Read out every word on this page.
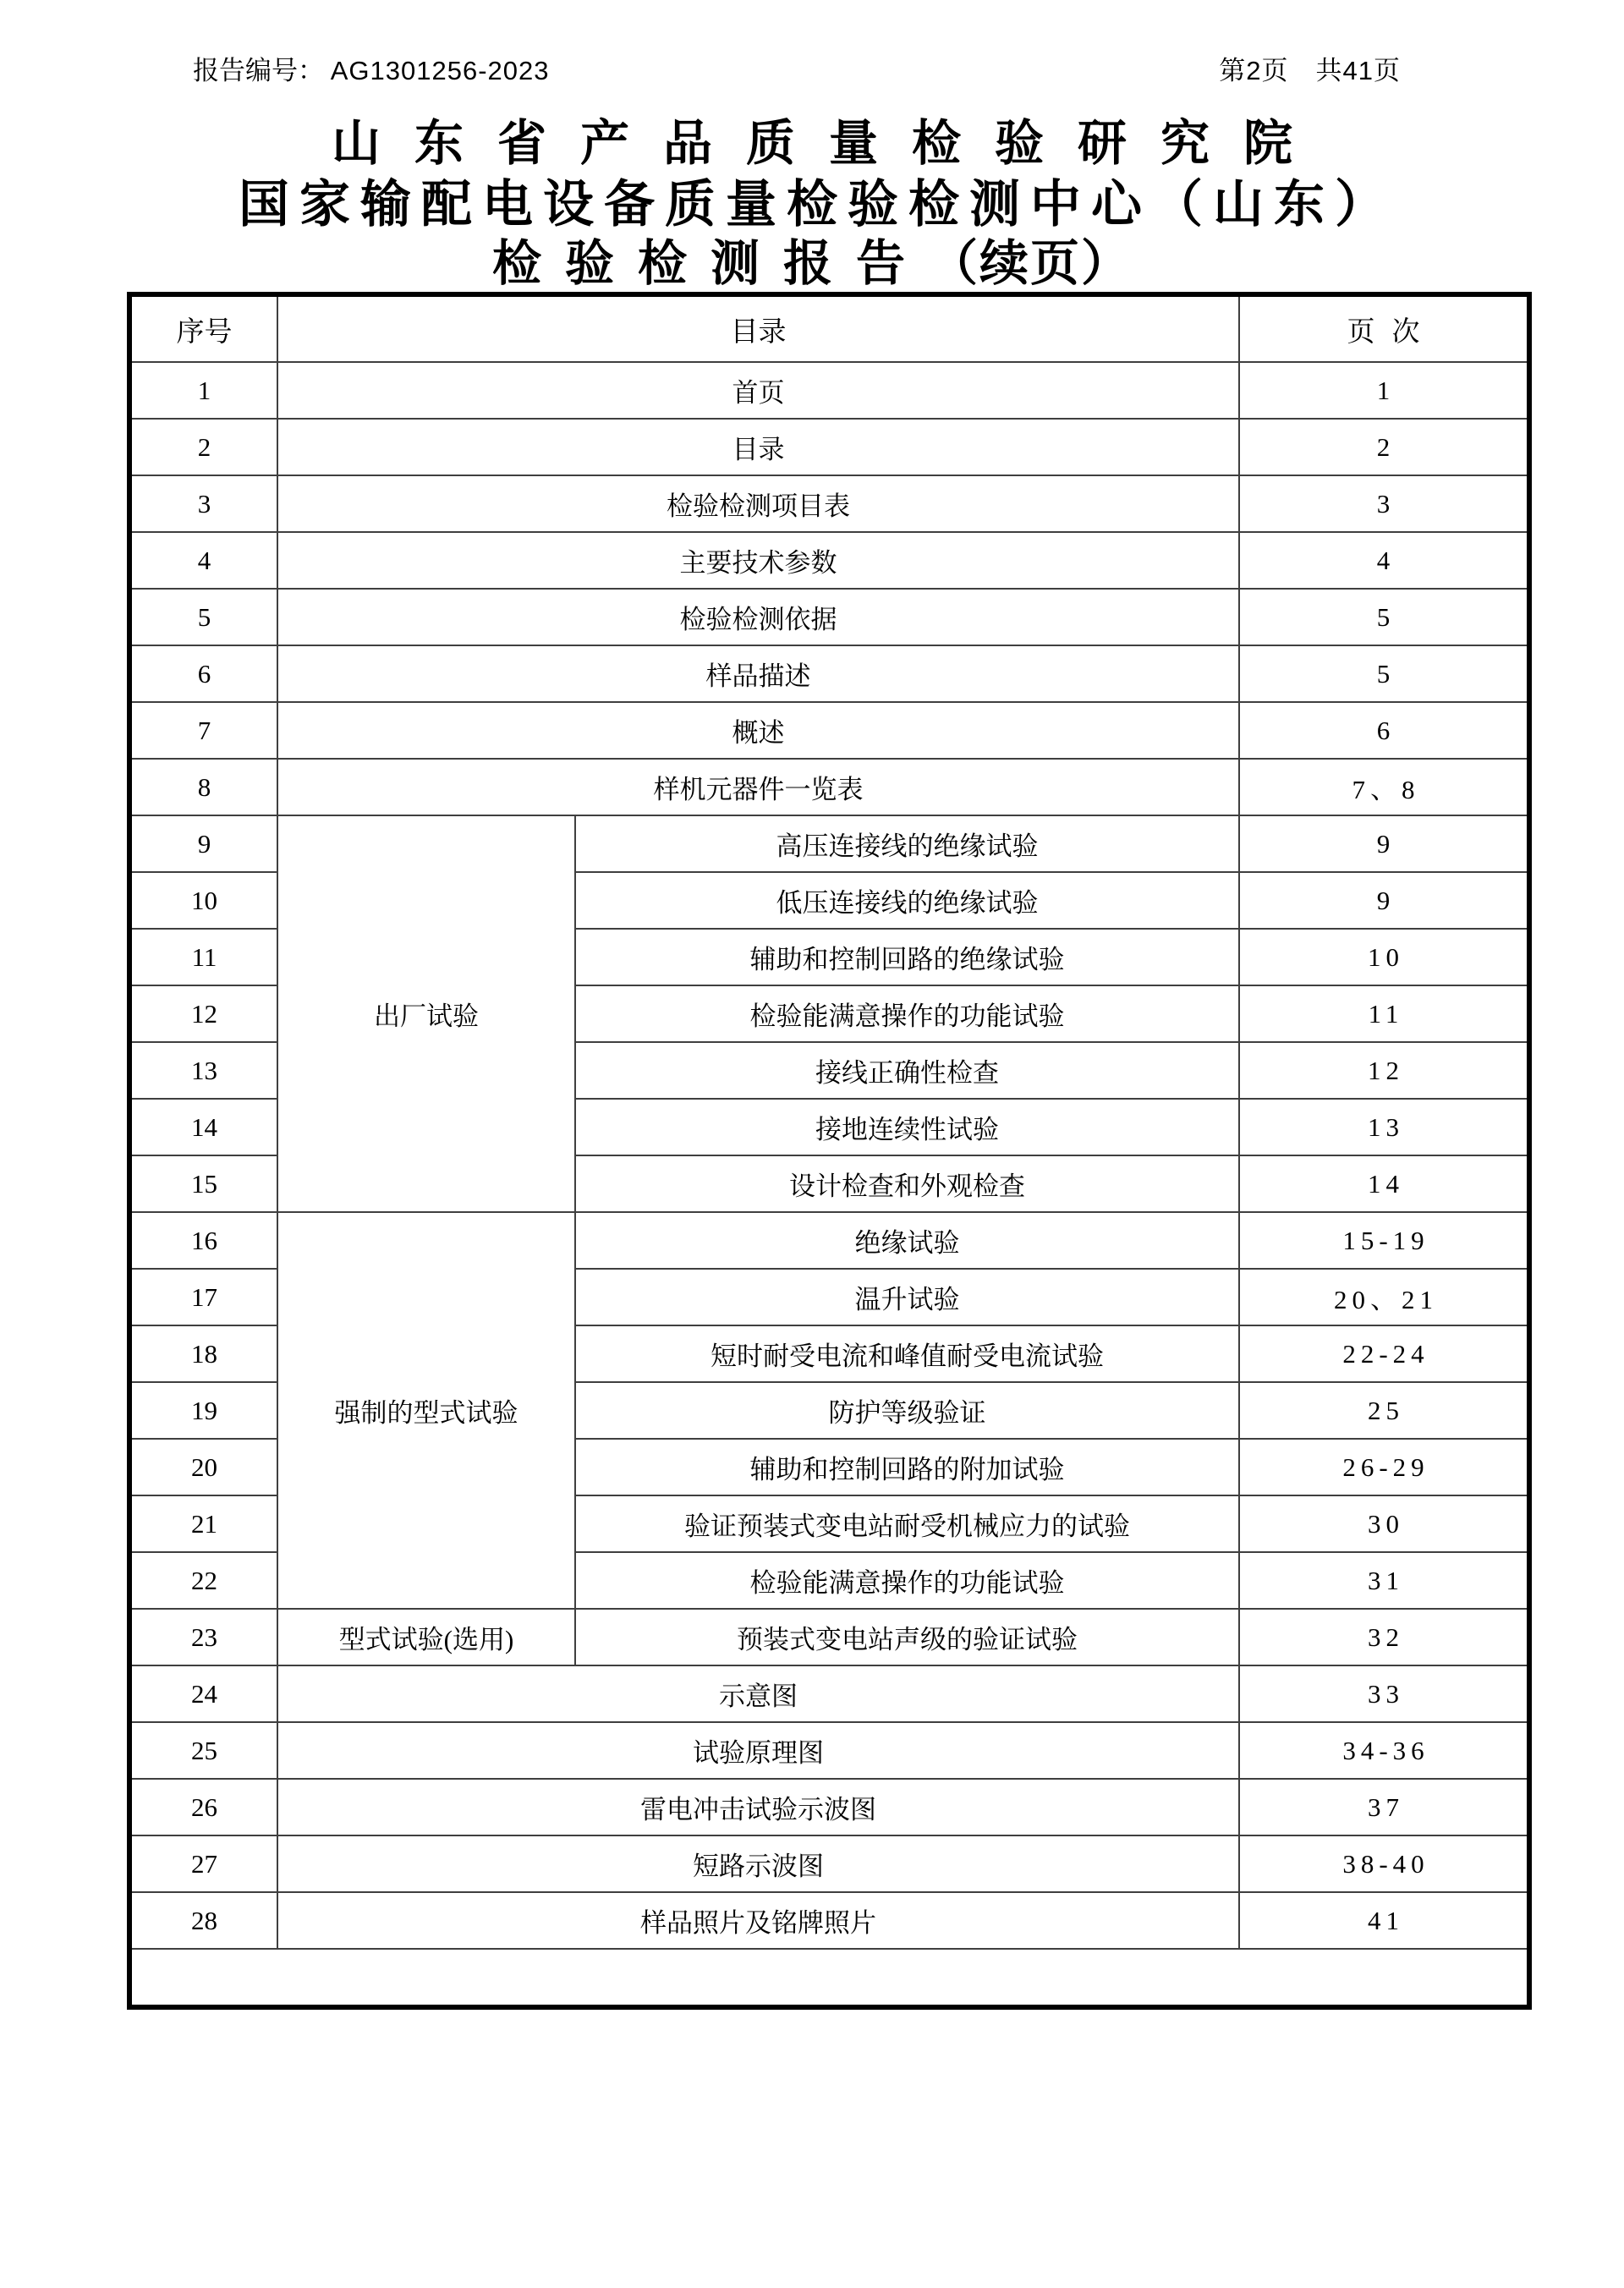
报告编号： AG1301256-2023	第2页　共41页
山东省产品质量检验研究院
国家输配电设备质量检验检测中心（山东）
检验检测报告（续页）
序号	目录		页次
1	首页		1
2	目录		2
3	检验检测项目表		3
4	主要技术参数		4
5	检验检测依据		5
6	样品描述		5
7	概述		6
8	样机元器件一览表		7、8
9	出厂试验	高压连接线的绝缘试验	9
10		低压连接线的绝缘试验	9
11		辅助和控制回路的绝缘试验	10
12		检验能满意操作的功能试验	11
13		接线正确性检查	12
14		接地连续性试验	13
15		设计检查和外观检查	14
16	强制的型式试验	绝缘试验	15-19
17		温升试验	20、21
18		短时耐受电流和峰值耐受电流试验	22-24
19		防护等级验证	25
20		辅助和控制回路的附加试验	26-29
21		验证预装式变电站耐受机械应力的试验	30
22		检验能满意操作的功能试验	31
23	型式试验(选用)	预装式变电站声级的验证试验	32
24	示意图		33
25	试验原理图		34-36
26	雷电冲击试验示波图		37
27	短路示波图		38-40
28	样品照片及铭牌照片		41
